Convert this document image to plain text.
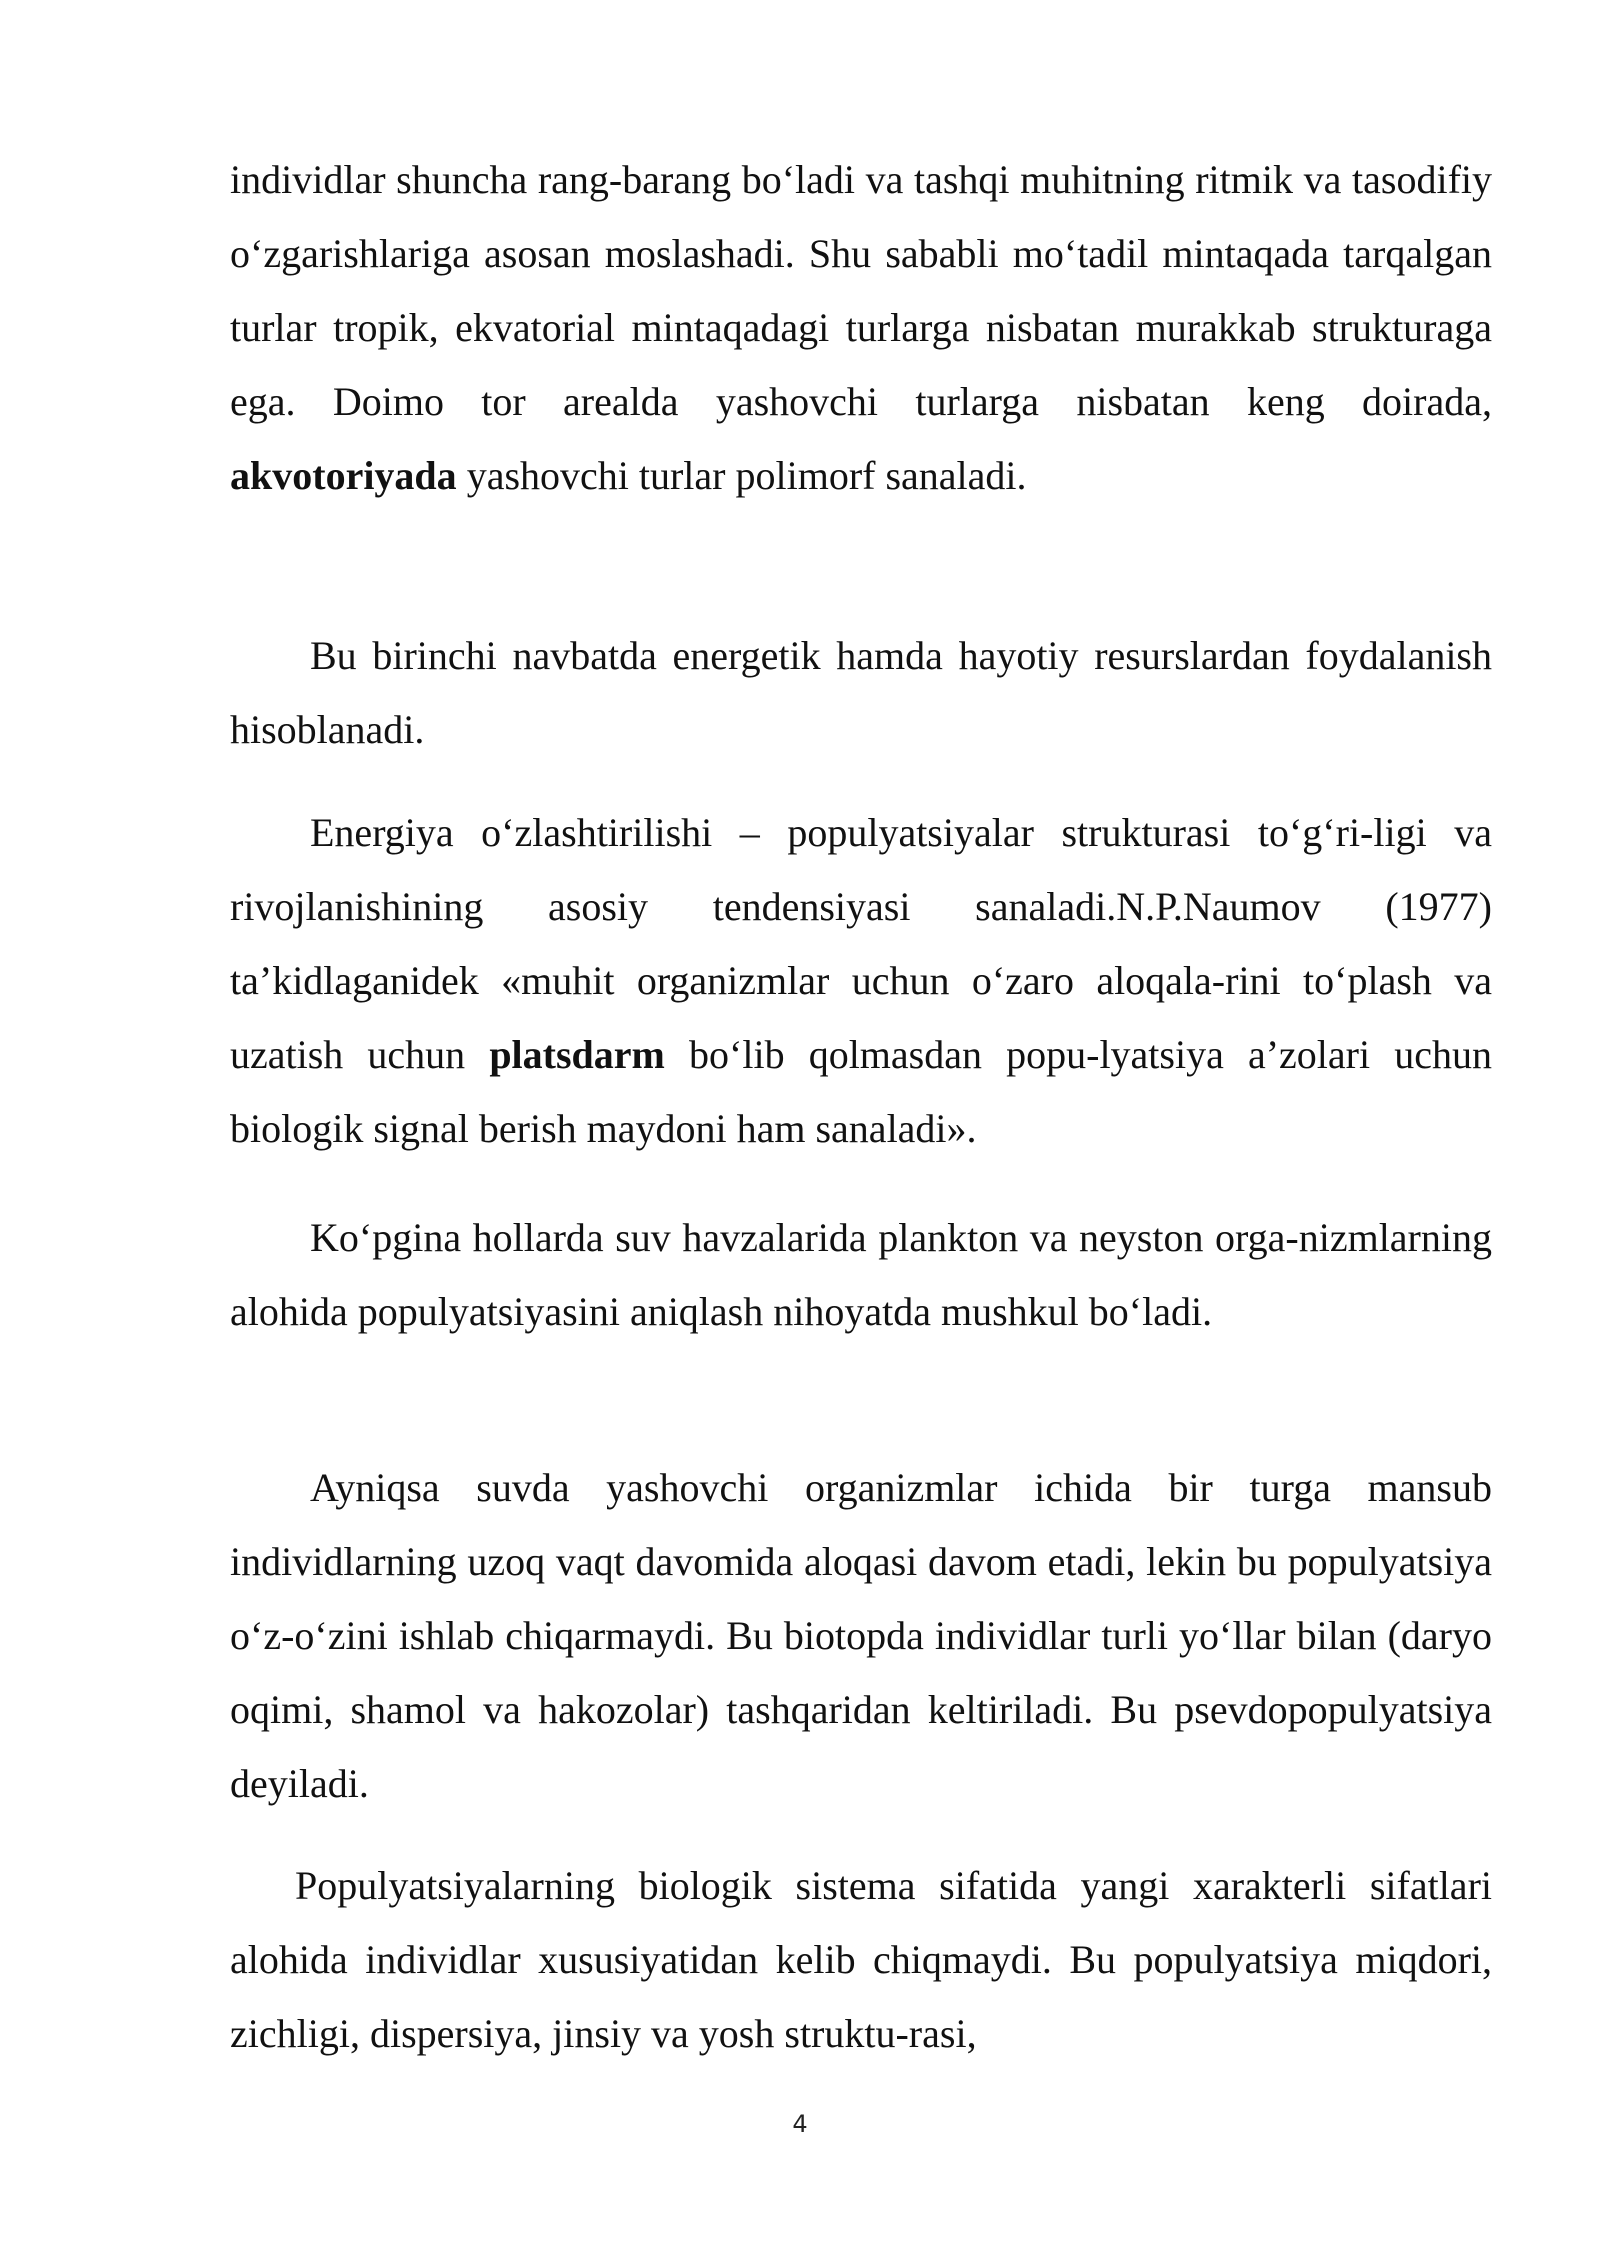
individlar shuncha rang-barang bo‘ladi va tashqi muhitning ritmik va tasodifiy o‘zgarishlariga asosan moslashadi. Shu sababli mo‘tadil mintaqada tarqalgan turlar tropik, ekvatorial mintaqadagi turlarga nisbatan murakkab strukturaga ega. Doimo tor arealda yashovchi turlarga nisbatan keng doirada, akvotoriyada yashovchi turlar polimorf sanaladi.

Bu birinchi navbatda energetik hamda hayotiy resurslardan foydalanish hisoblanadi.

Energiya o‘zlashtirilishi – populyatsiyalar strukturasi to‘g‘ri-ligi va rivojlanishining asosiy tendensiyasi sanaladi.N.P.Naumov (1977) ta’kidlaganidek «muhit organizmlar uchun o‘zaro aloqala-rini to‘plash va uzatish uchun platsdarm bo‘lib qolmasdan popu-lyatsiya a’zolari uchun biologik signal berish maydoni ham sanaladi».

Ko‘pgina hollarda suv havzalarida plankton va neyston orga-nizmlarning alohida populyatsiyasini aniqlash nihoyatda mushkul bo‘ladi.

Ayniqsa suvda yashovchi organizmlar ichida bir turga mansub individlarning uzoq vaqt davomida aloqasi davom etadi, lekin bu populyatsiya o‘z-o‘zini ishlab chiqarmaydi. Bu biotopda individlar turli yo‘llar bilan (daryo oqimi, shamol va hakozolar) tashqaridan keltiriladi. Bu psevdopopulyatsiya deyiladi.

Populyatsiyalarning biologik sistema sifatida yangi xarakterli sifatlari alohida individlar xususiyatidan kelib chiqmaydi. Bu populyatsiya miqdori, zichligi, dispersiya, jinsiy va yosh struktu-rasi,

4
